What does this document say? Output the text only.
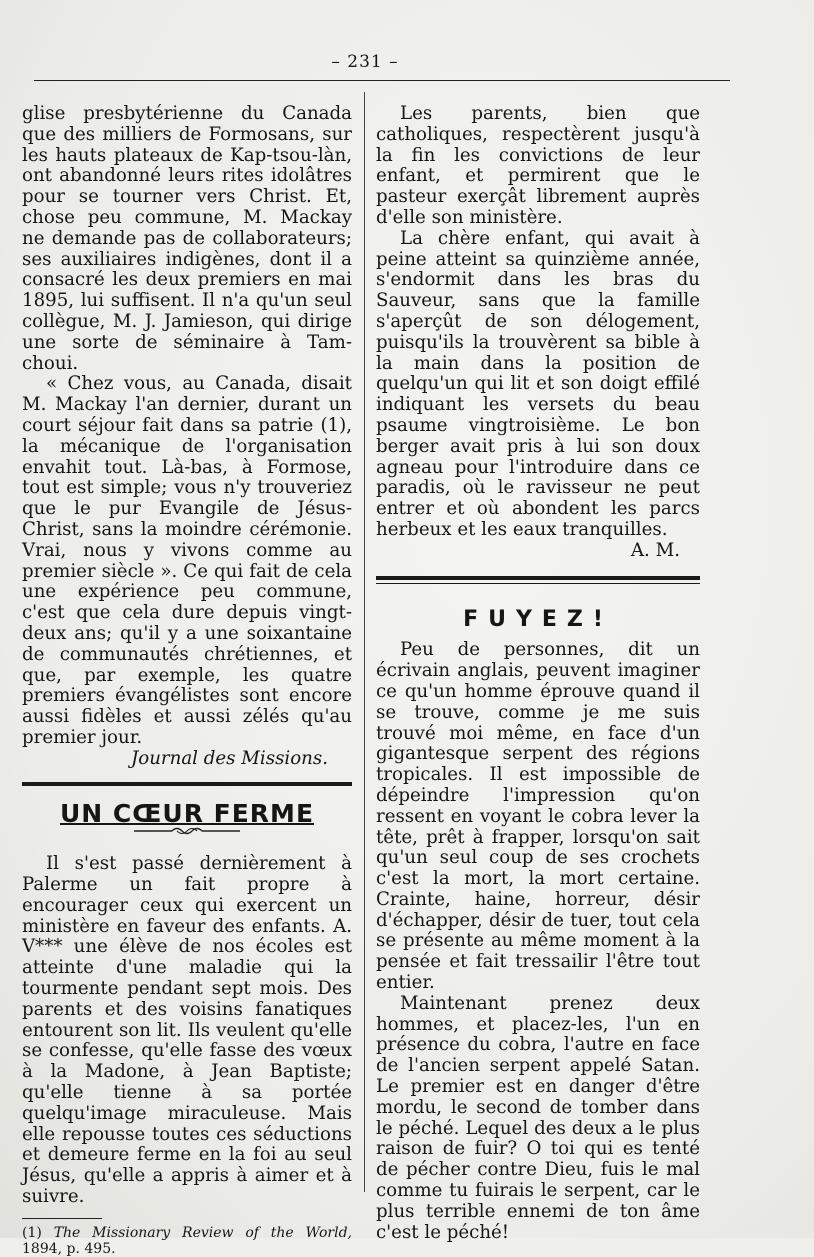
– 231 –

glise presbytérienne du Canada que des milliers de Formosans, sur les hauts plateaux de Kap-tsou-làn, ont abandonné leurs rites idolâtres pour se tourner vers Christ. Et, chose peu commune, M. Mackay ne demande pas de collaborateurs; ses auxiliaires indigènes, dont il a consacré les deux premiers en mai 1895, lui suffisent. Il n'a qu'un seul collègue, M. J. Jamieson, qui dirige une sorte de séminaire à Tam-choui.

« Chez vous, au Canada, disait M. Mackay l'an dernier, durant un court séjour fait dans sa patrie (1), la mécanique de l'organisation envahit tout. Là-bas, à Formose, tout est simple; vous n'y trouveriez que le pur Evangile de Jésus-Christ, sans la moindre cérémonie. Vrai, nous y vivons comme au premier siècle ». Ce qui fait de cela une expérience peu commune, c'est que cela dure depuis vingt-deux ans; qu'il y a une soixantaine de communautés chrétiennes, et que, par exemple, les quatre premiers évangélistes sont encore aussi fidèles et aussi zélés qu'au premier jour.

Journal des Missions.

UN CŒUR FERME

Il s'est passé dernièrement à Palerme un fait propre à encourager ceux qui exercent un ministère en faveur des enfants. A. V*** une élève de nos écoles est atteinte d'une maladie qui la tourmente pendant sept mois. Des parents et des voisins fanatiques entourent son lit. Ils veulent qu'elle se confesse, qu'elle fasse des vœux à la Madone, à Jean Baptiste; qu'elle tienne à sa portée quelqu'image miraculeuse. Mais elle repousse toutes ces séductions et demeure ferme en la foi au seul Jésus, qu'elle a appris à aimer et à suivre.

(1) The Missionary Review of the World, 1894, p. 495.

Les parents, bien que catholiques, respectèrent jusqu'à la fin les convictions de leur enfant, et permirent que le pasteur exerçât librement auprès d'elle son ministère.

La chère enfant, qui avait à peine atteint sa quinzième année, s'endormit dans les bras du Sauveur, sans que la famille s'aperçût de son délogement, puisqu'ils la trouvèrent sa bible à la main dans la position de quelqu'un qui lit et son doigt effilé indiquant les versets du beau psaume vingtroisième. Le bon berger avait pris à lui son doux agneau pour l'introduire dans ce paradis, où le ravisseur ne peut entrer et où abondent les parcs herbeux et les eaux tranquilles.

A. M.

FUYEZ!

Peu de personnes, dit un écrivain anglais, peuvent imaginer ce qu'un homme éprouve quand il se trouve, comme je me suis trouvé moi même, en face d'un gigantesque serpent des régions tropicales. Il est impossible de dépeindre l'impression qu'on ressent en voyant le cobra lever la tête, prêt à frapper, lorsqu'on sait qu'un seul coup de ses crochets c'est la mort, la mort certaine. Crainte, haine, horreur, désir d'échapper, désir de tuer, tout cela se présente au même moment à la pensée et fait tressailir l'être tout entier.

Maintenant prenez deux hommes, et placez-les, l'un en présence du cobra, l'autre en face de l'ancien serpent appelé Satan. Le premier est en danger d'être mordu, le second de tomber dans le péché. Lequel des deux a le plus raison de fuir? O toi qui es tenté de pécher contre Dieu, fuis le mal comme tu fuirais le serpent, car le plus terrible ennemi de ton âme c'est le péché!
